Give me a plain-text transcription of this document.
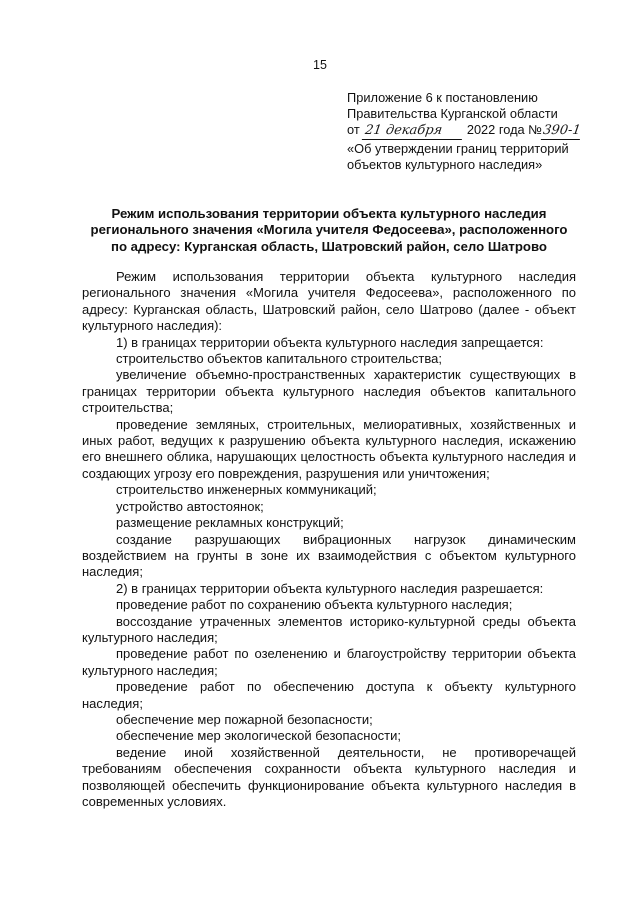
15
Приложение 6 к постановлению
Правительства Курганской области
от 21 декабря 2022 года №390-1
«Об утверждении границ территорий
объектов культурного наследия»
Режим использования территории объекта культурного наследия регионального значения «Могила учителя Федосеева», расположенного по адресу: Курганская область, Шатровский район, село Шатрово

Режим использования территории объекта культурного наследия регионального значения «Могила учителя Федосеева», расположенного по адресу: Курганская область, Шатровский район, село Шатрово (далее - объект культурного наследия):

1) в границах территории объекта культурного наследия запрещается:

строительство объектов капитального строительства;

увеличение объемно-пространственных характеристик существующих в границах территории объекта культурного наследия объектов капитального строительства;

проведение земляных, строительных, мелиоративных, хозяйственных и иных работ, ведущих к разрушению объекта культурного наследия, искажению его внешнего облика, нарушающих целостность объекта культурного наследия и создающих угрозу его повреждения, разрушения или уничтожения;

строительство инженерных коммуникаций;

устройство автостоянок;

размещение рекламных конструкций;

создание разрушающих вибрационных нагрузок динамическим воздействием на грунты в зоне их взаимодействия с объектом культурного наследия;

2) в границах территории объекта культурного наследия разрешается:

проведение работ по сохранению объекта культурного наследия;

воссоздание утраченных элементов историко-культурной среды объекта культурного наследия;

проведение работ по озеленению и благоустройству территории объекта культурного наследия;

проведение работ по обеспечению доступа к объекту культурного наследия;

обеспечение мер пожарной безопасности;

обеспечение мер экологической безопасности;

ведение иной хозяйственной деятельности, не противоречащей требованиям обеспечения сохранности объекта культурного наследия и позволяющей обеспечить функционирование объекта культурного наследия в современных условиях.
